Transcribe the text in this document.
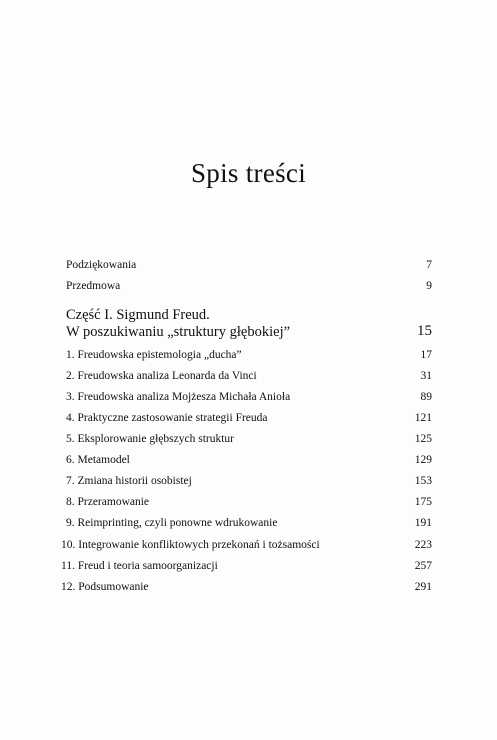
Spis treści
Podziękowania	7
Przedmowa	9
Część I. Sigmund Freud.
W poszukiwaniu „struktury głębokiej”	15
1. Freudowska epistemologia „ducha”	17
2. Freudowska analiza Leonarda da Vinci	31
3. Freudowska analiza Mojżesza Michała Anioła	89
4. Praktyczne zastosowanie strategii Freuda	121
5. Eksplorowanie głębszych struktur	125
6. Metamodel	129
7. Zmiana historii osobistej	153
8. Przeramowanie	175
9. Reimprinting, czyli ponowne wdrukowanie	191
10. Integrowanie konfliktowych przekonań i tożsamości	223
11. Freud i teoria samoorganizacji	257
12. Podsumowanie	291
